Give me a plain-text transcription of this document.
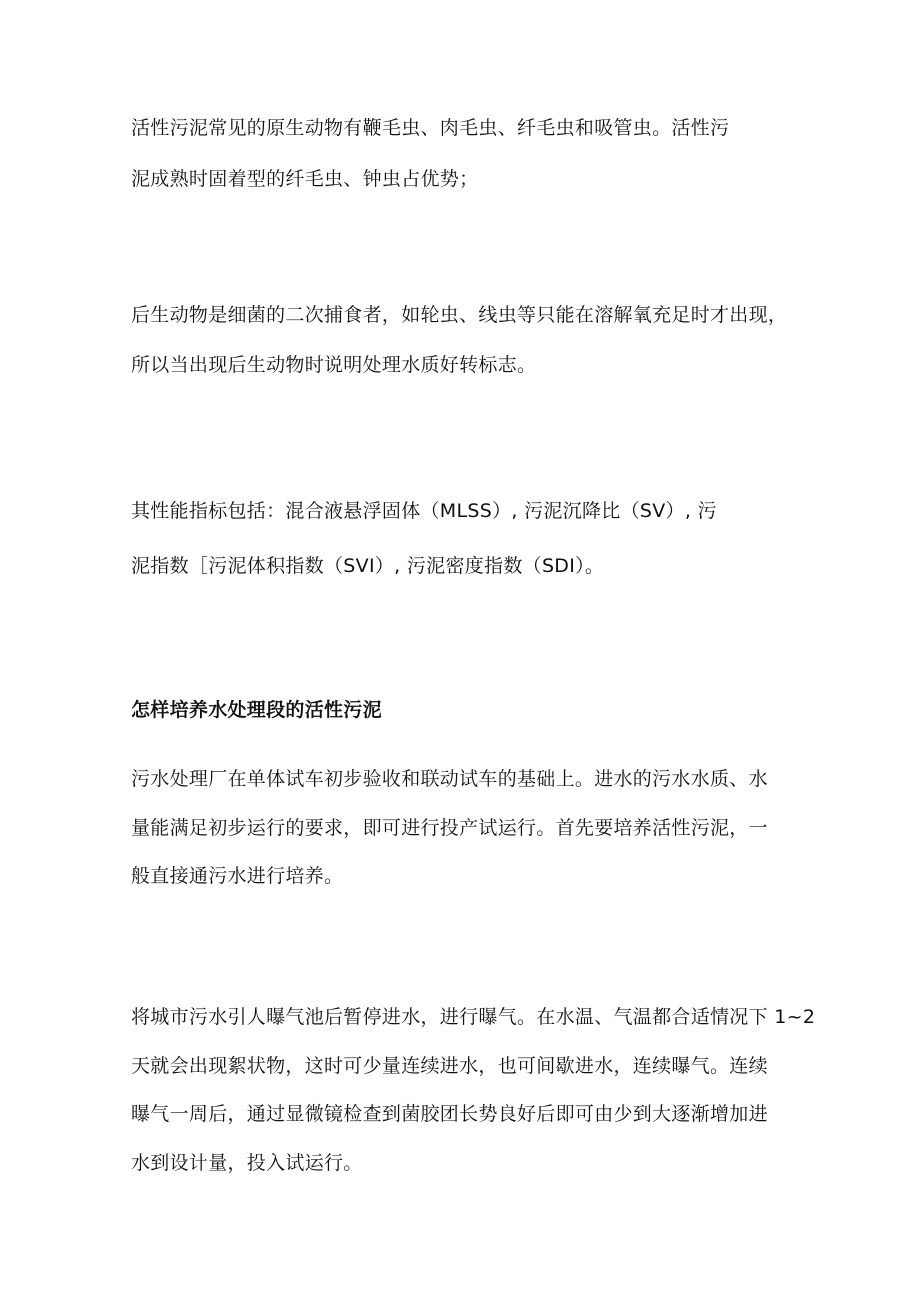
活性污泥常见的原生动物有鞭毛虫、肉毛虫、纤毛虫和吸管虫。活性污
泥成熟时固着型的纤毛虫、钟虫占优势；
后生动物是细菌的二次捕食者，如轮虫、线虫等只能在溶解氧充足时才出现，
所以当出现后生动物时说明处理水质好转标志。
其性能指标包括：混合液悬浮固体（MLSS）, 污泥沉降比（SV）, 污
泥指数［污泥体积指数（SVI）, 污泥密度指数（SDI）。
怎样培养水处理段的活性污泥
污水处理厂在单体试车初步验收和联动试车的基础上。进水的污水水质、水
量能满足初步运行的要求，即可进行投产试运行。首先要培养活性污泥，一
般直接通污水进行培养。
将城市污水引人曝气池后暂停进水，进行曝气。在水温、气温都合适情况下 1~2
天就会出现絮状物，这时可少量连续进水，也可间歇进水，连续曝气。连续
曝气一周后，通过显微镜检查到菌胶团长势良好后即可由少到大逐渐增加进
水到设计量，投入试运行。
